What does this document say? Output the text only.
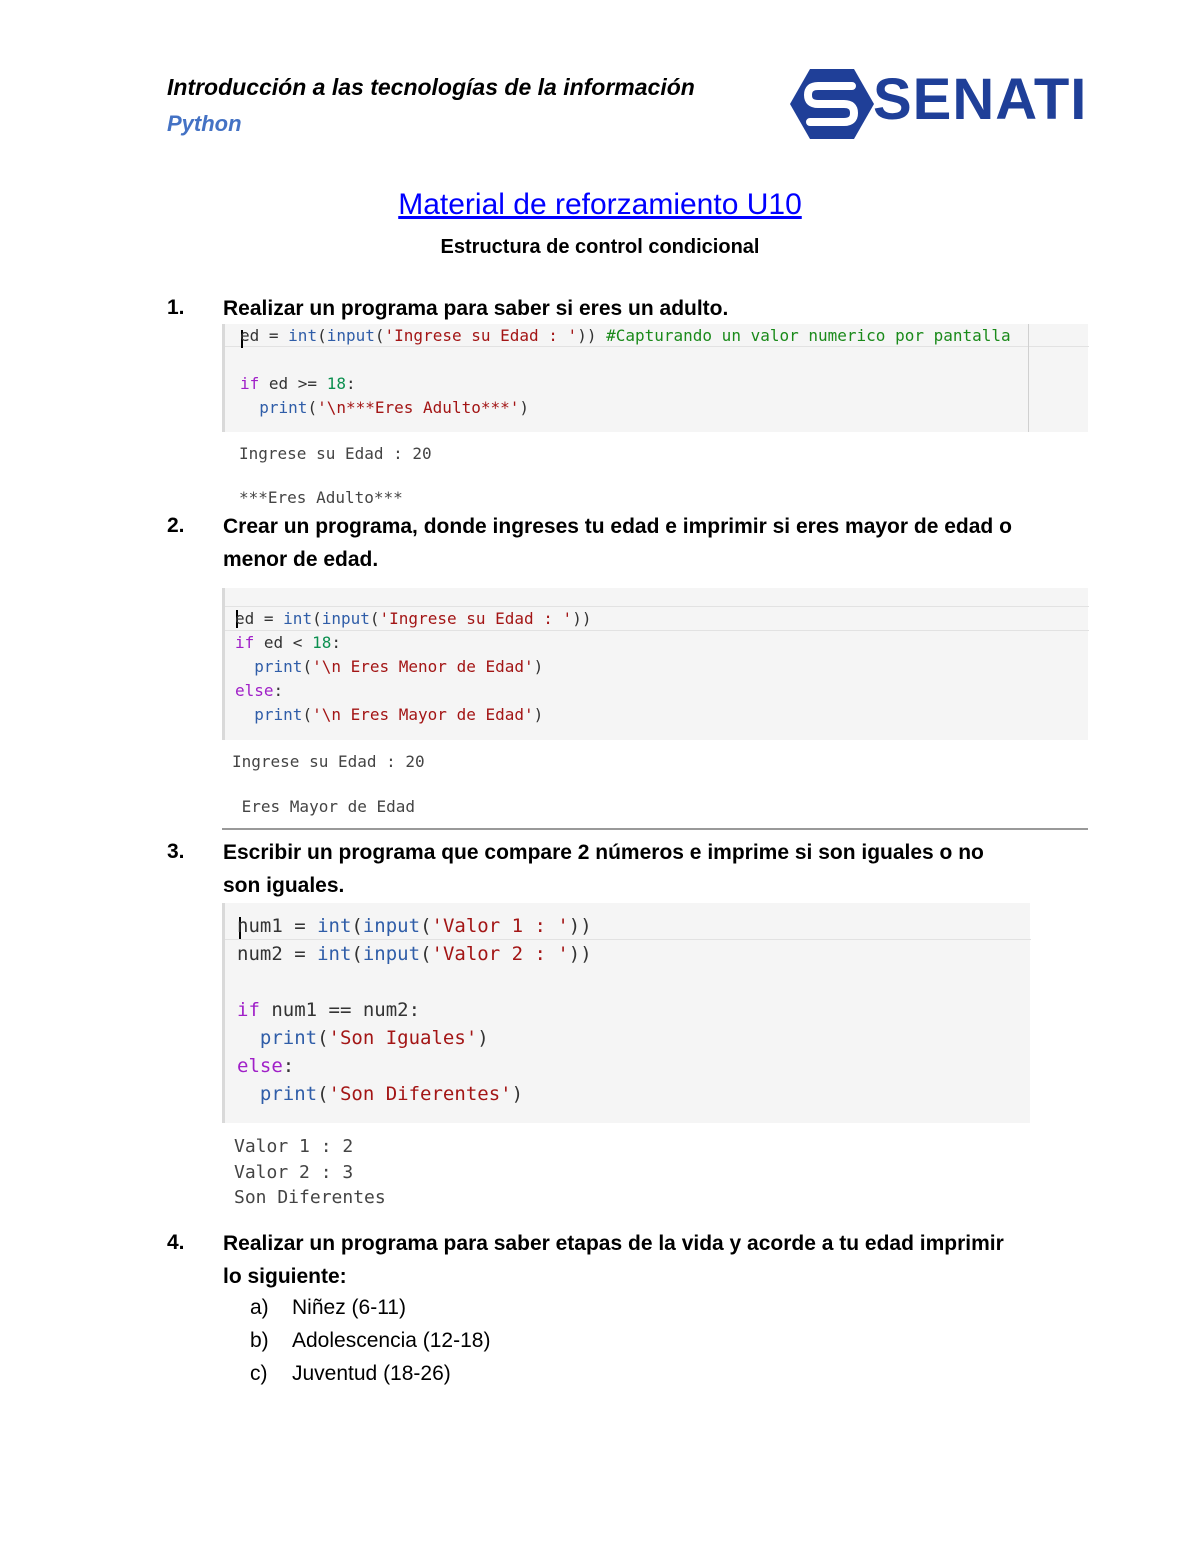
Introducción a las tecnologías de la información

Python	SENATI
Material de reforzamiento U10
Estructura de control condicional
1. Realizar un programa para saber si eres un adulto.

ed = int(input('Ingrese su Edad : ')) #Capturando un valor numerico por pantalla

if ed >= 18:

print('\n***Eres Adulto***')

Ingrese su Edad : 20
***Eres Adulto***
2. Crear un programa, donde ingreses tu edad e imprimir si eres mayor de edad o menor de edad.

ed = int(input('Ingrese su Edad : '))

if ed < 18:

print('\n Eres Menor de Edad')

else:

print('\n Eres Mayor de Edad')

Ingrese su Edad : 20
Eres Mayor de Edad
3. Escribir un programa que compare 2 números e imprime si son iguales o no son iguales.

num1 = int(input('Valor 1 : '))

num2 = int(input('Valor 2 : '))

if num1 == num2:

print('Son Iguales')

else:

print('Son Diferentes')

Valor 1 : 2
Valor 2 : 3
Son Diferentes
4. Realizar un programa para saber etapas de la vida y acorde a tu edad imprimir lo siguiente:
a) Niñez (6-11)
b) Adolescencia (12-18)
c) Juventud (18-26)
